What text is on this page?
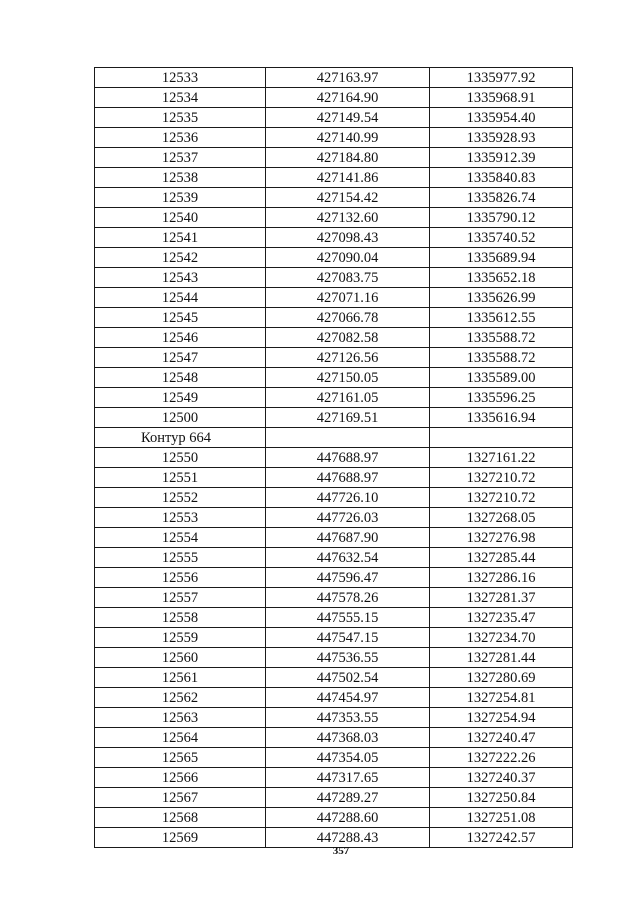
12533	427163.97	1335977.92
12534	427164.90	1335968.91
12535	427149.54	1335954.40
12536	427140.99	1335928.93
12537	427184.80	1335912.39
12538	427141.86	1335840.83
12539	427154.42	1335826.74
12540	427132.60	1335790.12
12541	427098.43	1335740.52
12542	427090.04	1335689.94
12543	427083.75	1335652.18
12544	427071.16	1335626.99
12545	427066.78	1335612.55
12546	427082.58	1335588.72
12547	427126.56	1335588.72
12548	427150.05	1335589.00
12549	427161.05	1335596.25
12500	427169.51	1335616.94
Контур 664		
12550	447688.97	1327161.22
12551	447688.97	1327210.72
12552	447726.10	1327210.72
12553	447726.03	1327268.05
12554	447687.90	1327276.98
12555	447632.54	1327285.44
12556	447596.47	1327286.16
12557	447578.26	1327281.37
12558	447555.15	1327235.47
12559	447547.15	1327234.70
12560	447536.55	1327281.44
12561	447502.54	1327280.69
12562	447454.97	1327254.81
12563	447353.55	1327254.94
12564	447368.03	1327240.47
12565	447354.05	1327222.26
12566	447317.65	1327240.37
12567	447289.27	1327250.84
12568	447288.60	1327251.08
12569	447288.43	1327242.57
357
